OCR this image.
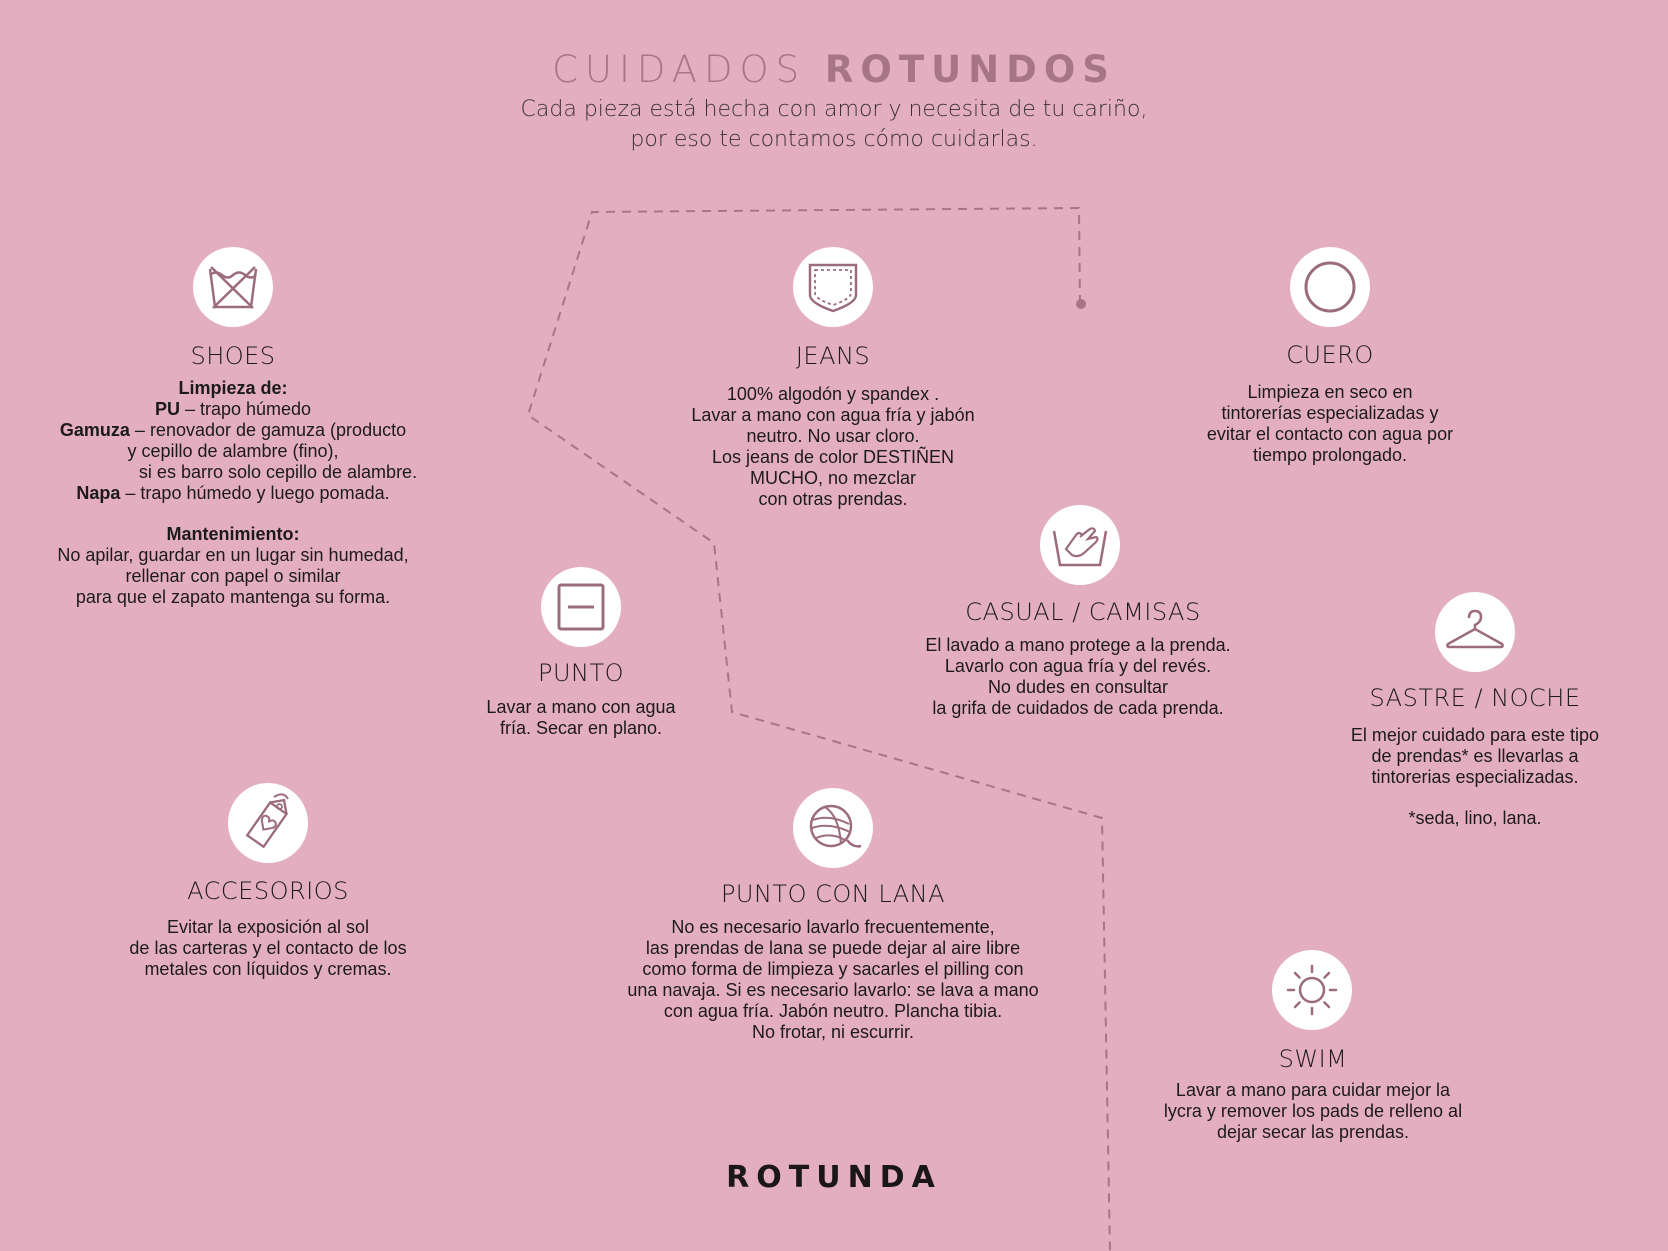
CUIDADOS ROTUNDOS
Cada pieza está hecha con amor y necesita de tu cariño,
por eso te contamos cómo cuidarlas.
SHOES
Limpieza de:
PU – trapo húmedo
Gamuza – renovador de gamuza (producto
y cepillo de alambre (fino),
si es barro solo cepillo de alambre.
Napa – trapo húmedo y luego pomada.
Mantenimiento:
No apilar, guardar en un lugar sin humedad,
rellenar con papel o similar
para que el zapato mantenga su forma.
JEANS
100% algodón y spandex .
Lavar a mano con agua fría y jabón
neutro. No usar cloro.
Los jeans de color DESTIÑEN
MUCHO, no mezclar
con otras prendas.
CUERO
Limpieza en seco en
tintorerías especializadas y
evitar el contacto con agua por
tiempo prolongado.
CASUAL / CAMISAS
El lavado a mano protege a la prenda.
Lavarlo con agua fría y del revés.
No dudes en consultar
la grifa de cuidados de cada prenda.
PUNTO
Lavar a mano con agua
fría. Secar en plano.
SASTRE / NOCHE
El mejor cuidado para este tipo
de prendas* es llevarlas a
tintorerias especializadas.
*seda, lino, lana.
ACCESORIOS
Evitar la exposición al sol
de las carteras y el contacto de los
metales con líquidos y cremas.
PUNTO CON LANA
No es necesario lavarlo frecuentemente,
las prendas de lana se puede dejar al aire libre
como forma de limpieza y sacarles el pilling con
una navaja. Si es necesario lavarlo: se lava a mano
con agua fría. Jabón neutro. Plancha tibia.
No frotar, ni escurrir.
SWIM
Lavar a mano para cuidar mejor la
lycra y remover los pads de relleno al
dejar secar las prendas.
ROTUNDA
